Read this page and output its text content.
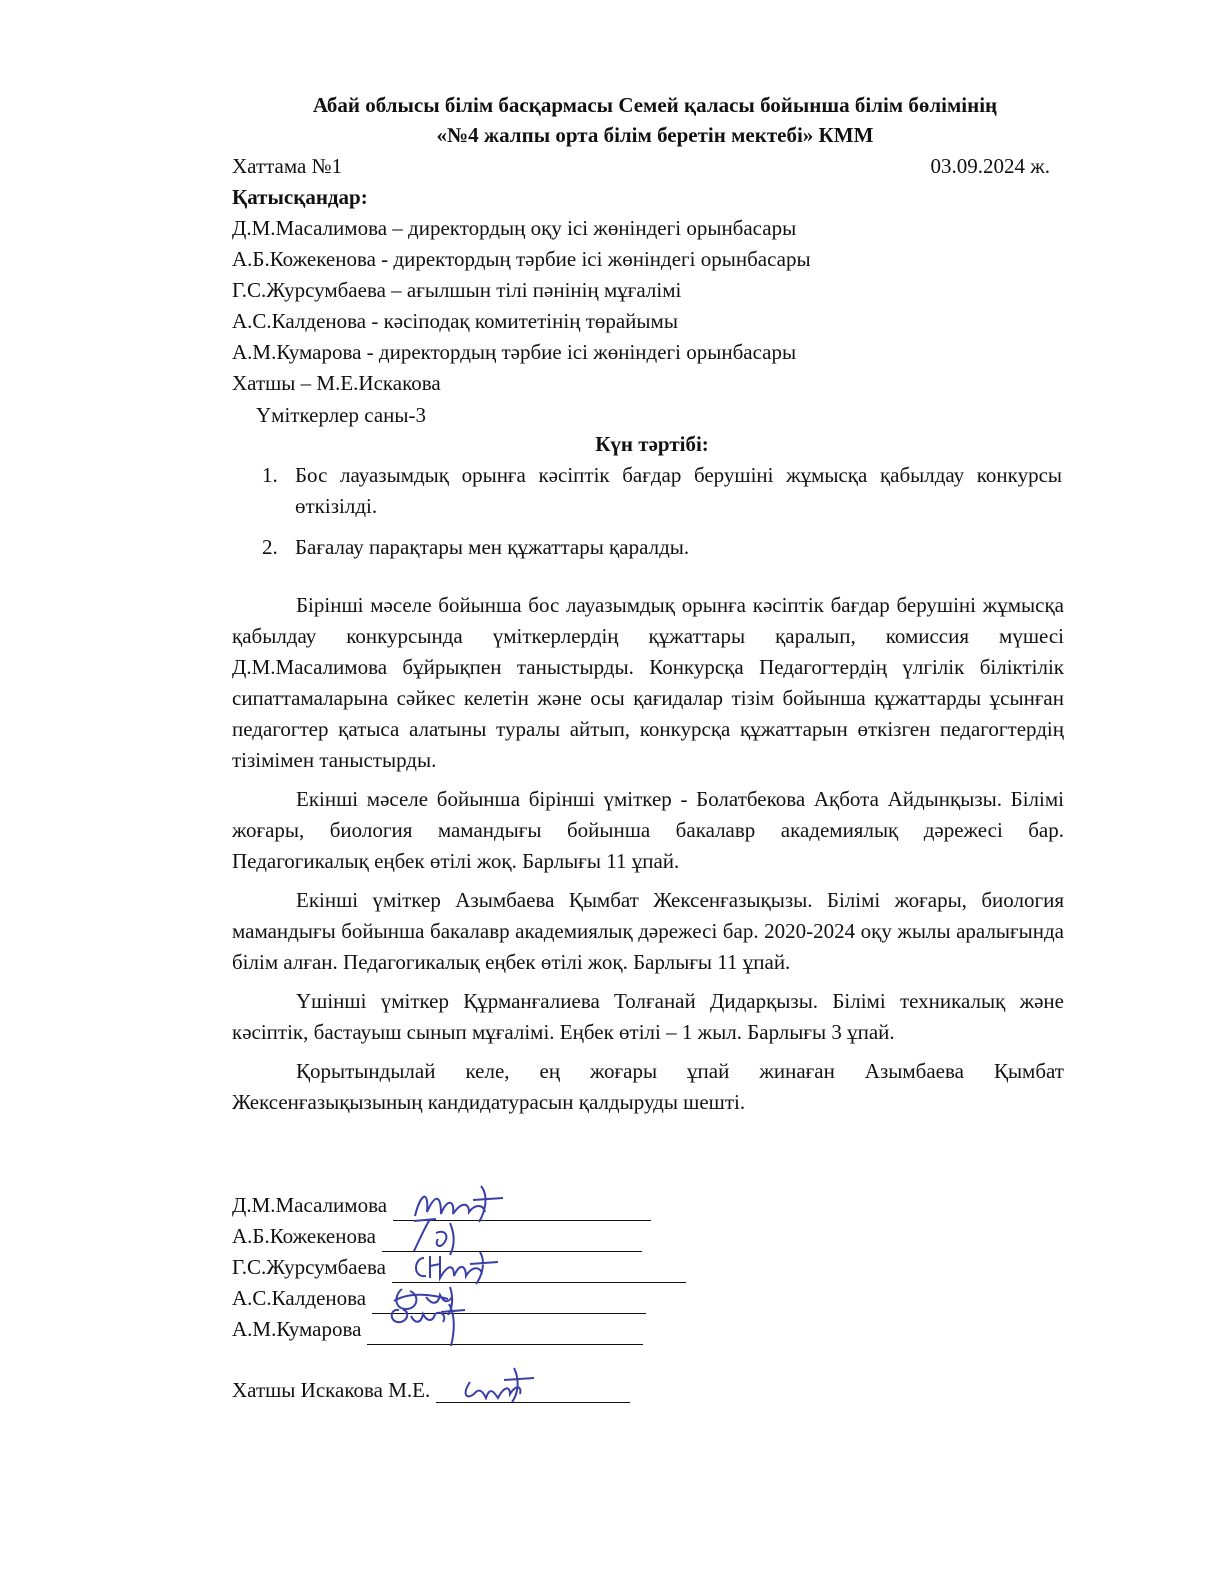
Абай облысы білім басқармасы Семей қаласы бойынша білім бөлімінің
«№4 жалпы орта білім беретін мектебі» КММ
Хаттама №1	03.09.2024 ж.
Қатысқандар:
Д.М.Масалимова – директордың оқу ісі жөніндегі орынбасары
А.Б.Кожекенова - директордың тәрбие ісі жөніндегі орынбасары
Г.С.Журсумбаева – ағылшын тілі пәнінің мұғалімі
А.С.Калденова - кәсіподақ комитетінің төрайымы
А.М.Кумарова - директордың тәрбие ісі жөніндегі орынбасары
Хатшы – М.Е.Искакова
Үміткерлер саны-3
Күн тәртібі:
1. Бос лауазымдық орынға кәсіптік бағдар берушіні жұмысқа қабылдау конкурсы өткізілді.
2. Бағалау парақтары мен құжаттары қаралды.

Бірінші мәселе бойынша бос лауазымдық орынға кәсіптік бағдар берушіні жұмысқа қабылдау конкурсында үміткерлердің құжаттары қаралып, комиссия мүшесі Д.М.Масалимова бұйрықпен таныстырды. Конкурсқа Педагогтердің үлгілік біліктілік сипаттамаларына сәйкес келетін және осы қағидалар тізім бойынша құжаттарды ұсынған педагогтер қатыса алатыны туралы айтып, конкурсқа құжаттарын өткізген педагогтердің тізімімен таныстырды.

Екінші мәселе бойынша бірінші үміткер - Болатбекова Ақбота Айдынқызы. Білімі жоғары, биология мамандығы бойынша бакалавр академиялық дәрежесі бар. Педагогикалық еңбек өтілі жоқ. Барлығы 11 ұпай.

Екінші үміткер Азымбаева Қымбат Жексенғазықызы. Білімі жоғары, биология мамандығы бойынша бакалавр академиялық дәрежесі бар. 2020-2024 оқу жылы аралығында білім алған. Педагогикалық еңбек өтілі жоқ. Барлығы 11 ұпай.

Үшінші үміткер Құрманғалиева Толғанай Дидарқызы. Білімі техникалық және кәсіптік, бастауыш сынып мұғалімі. Еңбек өтілі – 1 жыл. Барлығы 3 ұпай.

Қорытындылай келе, ең жоғары ұпай жинаған Азымбаева Қымбат Жексенғазықызының кандидатурасын қалдыруды шешті.

Д.М.Масалимова
А.Б.Кожекенова
Г.С.Журсумбаева
А.С.Калденова
А.М.Кумарова
Хатшы Искакова М.Е.
